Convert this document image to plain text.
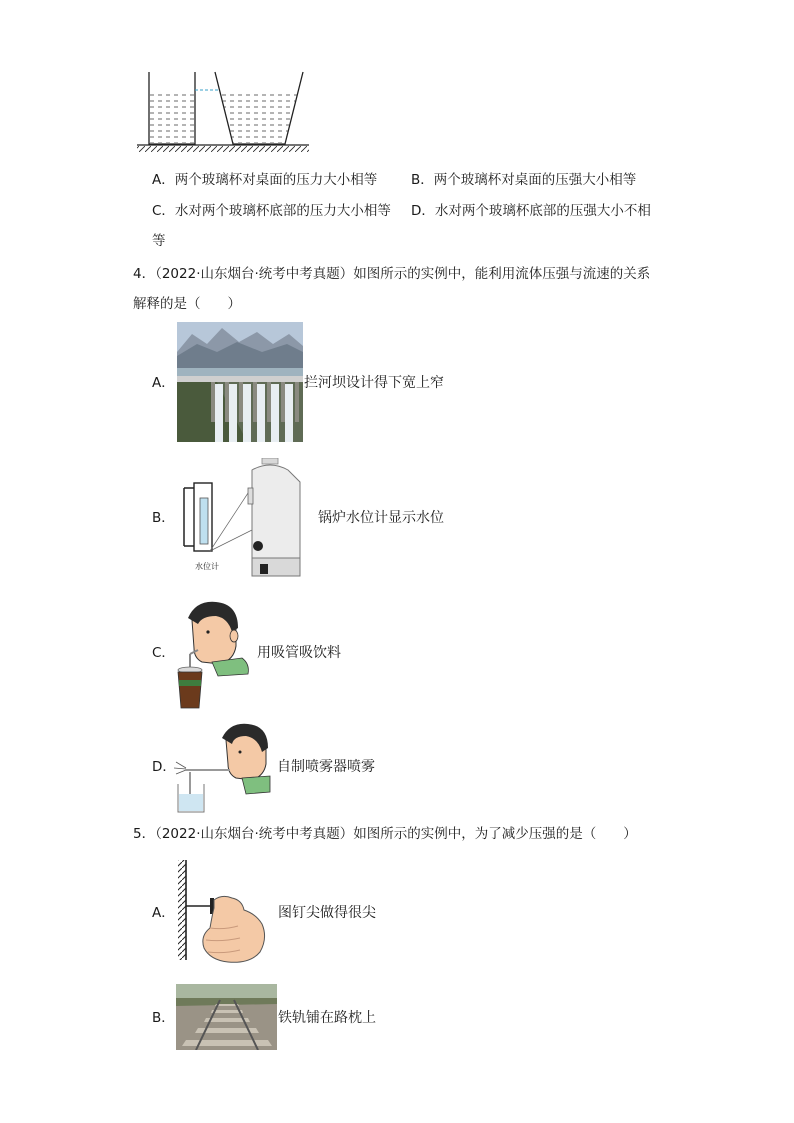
A．两个玻璃杯对桌面的压力大小相等	B．两个玻璃杯对桌面的压强大小相等
C．水对两个玻璃杯底部的压力大小相等 D．水对两个玻璃杯底部的压强大小不相
等
4．（2022·山东烟台·统考中考真题）如图所示的实例中，能利用流体压强与流速的关系
解释的是（　　）
A．	拦河坝设计得下宽上窄
B．
水位计
锅炉水位计显示水位
C．	用吸管吸饮料
D．	自制喷雾器喷雾
5．（2022·山东烟台·统考中考真题）如图所示的实例中，为了减少压强的是（　　）
A．	图钉尖做得很尖
B．	铁轨铺在路枕上
